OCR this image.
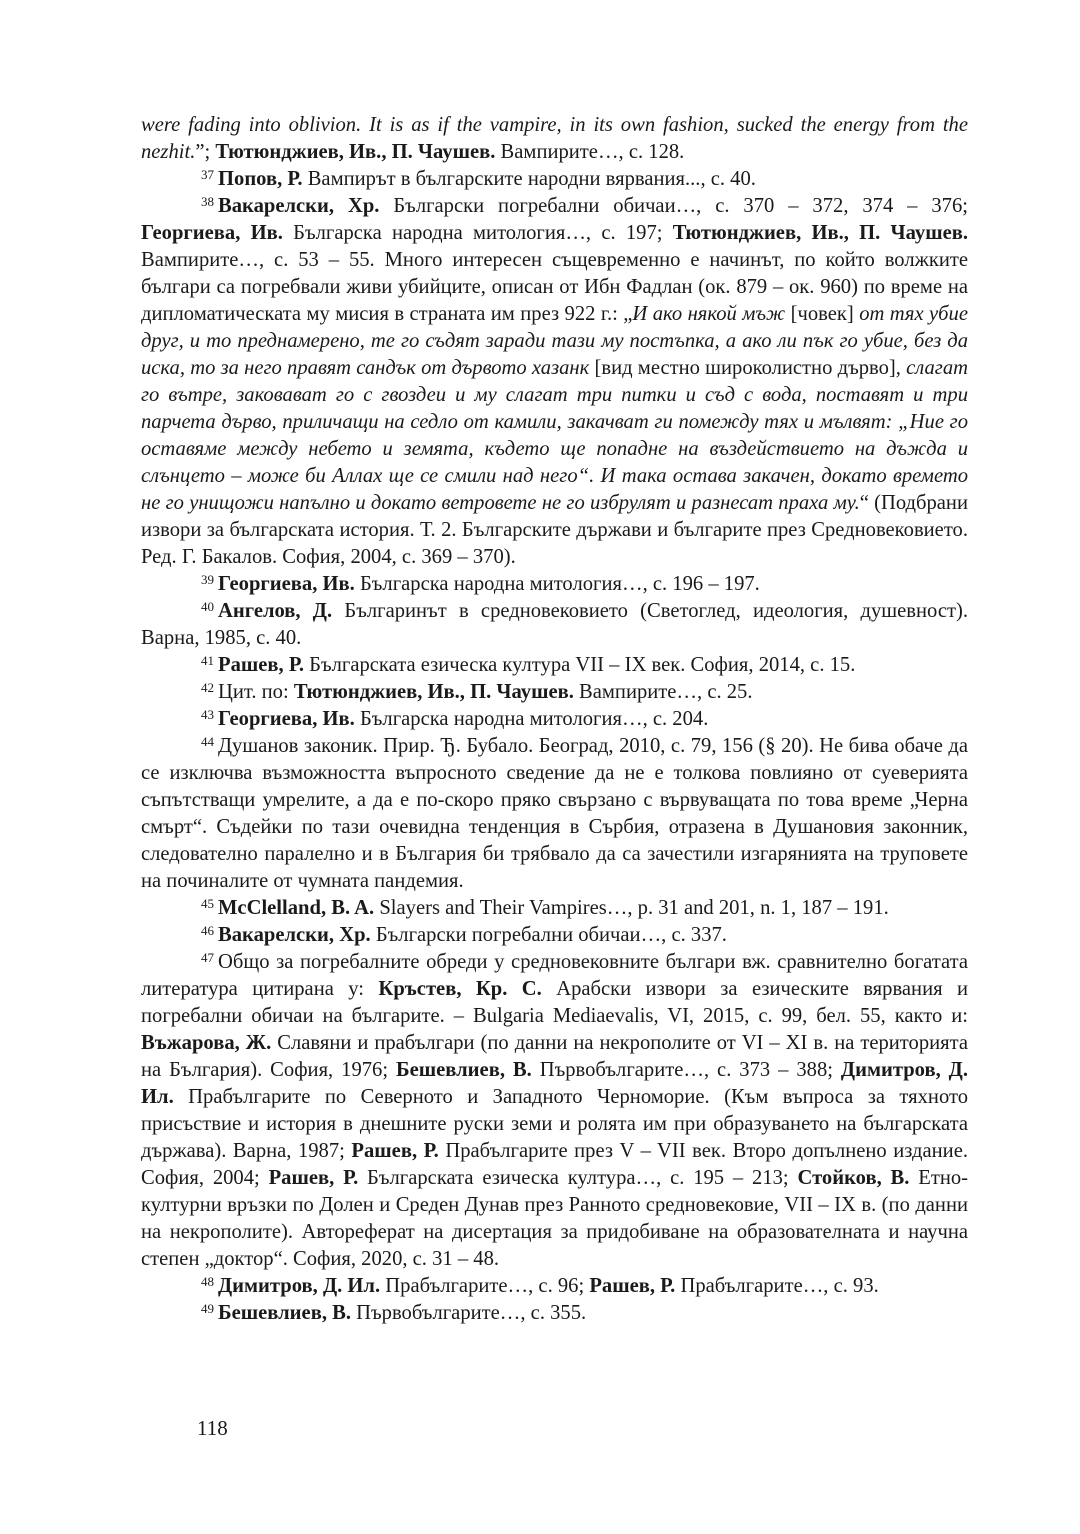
were fading into oblivion. It is as if the vampire, in its own fashion, sucked the energy from the nezhit.”; Тютюнджиев, Ив., П. Чаушев. Вампирите…, с. 128.

$^{37}$ Попов, Р. Вампирът в българските народни вярвания..., с. 40.

$^{38}$ Вакарелски, Хр. Български погребални обичаи…, с. 370 – 372, 374 – 376; Георгиева, Ив. Българска народна митология…, с. 197; Тютюнджиев, Ив., П. Чаушев. Вампирите…, с. 53 – 55. Много интересен същевременно е начинът, по който волжките българи са погребвали живи убийците, описан от Ибн Фадлан (ок. 879 – ок. 960) по време на дипломатическата му мисия в страната им през 922 г.: „И ако някой мъж [човек] от тях убие друг, и то преднамерено, те го съдят заради тази му постъпка, а ако ли пък го убие, без да иска, то за него правят сандък от дървото хазанк [вид местно широколистно дърво], слагат го вътре, заковават го с гвоздеи и му слагат три питки и съд с вода, поставят и три парчета дърво, приличащи на седло от камили, закачват ги помежду тях и мълвят: „Ние го оставяме между небето и земята, където ще попадне на въздействието на дъжда и слънцето – може би Аллах ще се смили над него“. И така остава закачен, докато времето не го унищожи напълно и докато ветровете не го избрулят и разнесат праха му.“ (Подбрани извори за българската история. Т. 2. Българските държави и българите през Средновековието. Ред. Г. Бакалов. София, 2004, с. 369 – 370).

$^{39}$ Георгиева, Ив. Българска народна митология…, с. 196 – 197.

$^{40}$ Ангелов, Д. Българинът в средновековието (Светоглед, идеология, душевност). Варна, 1985, с. 40.

$^{41}$ Рашев, Р. Българската езическа култура VII – IX век. София, 2014, с. 15.

$^{42}$ Цит. по: Тютюнджиев, Ив., П. Чаушев. Вампирите…, с. 25.

$^{43}$ Георгиева, Ив. Българска народна митология…, с. 204.

$^{44}$ Душанов законик. Прир. Ђ. Бубало. Београд, 2010, с. 79, 156 (§ 20). Не бива обаче да се изключва възможността въпросното сведение да не е толкова повлияно от суеверията съпътстващи умрелите, а да е по-скоро пряко свързано с вървуващата по това време „Черна смърт“. Съдейки по тази очевидна тенденция в Сърбия, отразена в Душановия законник, следователно паралелно и в България би трябвало да са зачестили изгарянията на труповете на починалите от чумната пандемия.

$^{45}$ McClelland, B. A. Slayers and Their Vampires…, p. 31 and 201, n. 1, 187 – 191.

$^{46}$ Вакарелски, Хр. Български погребални обичаи…, с. 337.

$^{47}$ Общо за погребалните обреди у средновековните българи вж. сравнително богатата литература цитирана у: Кръстев, Кр. С. Арабски извори за езическите вярвания и погребални обичаи на българите. – Bulgaria Mediaevalis, VI, 2015, с. 99, бел. 55, както и: Въжарова, Ж. Славяни и прабългари (по данни на некрополите от VI – XI в. на територията на България). София, 1976; Бешевлиев, В. Първобългарите…, с. 373 – 388; Димитров, Д. Ил. Прабългарите по Северното и Западното Черноморие. (Към въпроса за тяхното присъствие и история в днешните руски земи и ролята им при образуването на българската държава). Варна, 1987; Рашев, Р. Прабългарите през V – VII век. Второ допълнено издание. София, 2004; Рашев, Р. Българската езическа култура…, с. 195 – 213; Стойков, В. Етно-културни връзки по Долен и Среден Дунав през Ранното средновековие, VII – IX в. (по данни на некрополите). Автореферат на дисертация за придобиване на образователната и научна степен „доктор“. София, 2020, с. 31 – 48.

$^{48}$ Димитров, Д. Ил. Прабългарите…, с. 96; Рашев, Р. Прабългарите…, с. 93.

$^{49}$ Бешевлиев, В. Първобългарите…, с. 355.

118
